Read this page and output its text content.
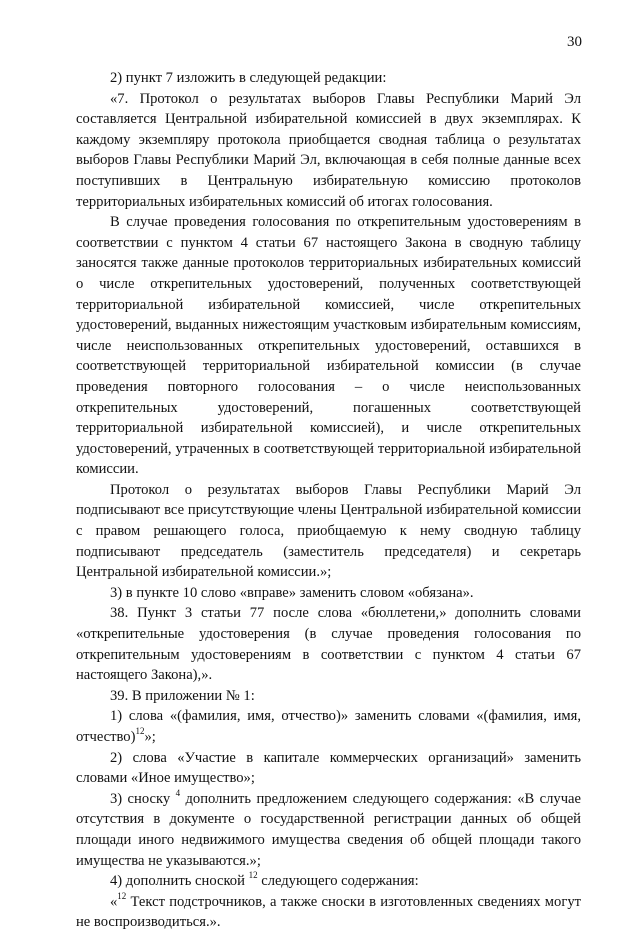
30

2) пункт 7 изложить в следующей редакции:

«7. Протокол о результатах выборов Главы Республики Марий Эл составляется Центральной избирательной комиссией в двух экземплярах. К каждому экземпляру протокола приобщается сводная таблица о результатах выборов Главы Республики Марий Эл, включающая в себя полные данные всех поступивших в Центральную избирательную комиссию протоколов территориальных избирательных комиссий об итогах голосования.

В случае проведения голосования по открепительным удостоверениям в соответствии с пунктом 4 статьи 67 настоящего Закона в сводную таблицу заносятся также данные протоколов территориальных избирательных комиссий о числе открепительных удостоверений, полученных соответствующей территориальной избирательной комиссией, числе открепительных удостоверений, выданных нижестоящим участковым избирательным комиссиям, числе неиспользованных открепительных удостоверений, оставшихся в соответствующей территориальной избирательной комиссии (в случае проведения повторного голосования – о числе неиспользованных открепительных удостоверений, погашенных соответствующей территориальной избирательной комиссией), и числе открепительных удостоверений, утраченных в соответствующей территориальной избирательной комиссии.

Протокол о результатах выборов Главы Республики Марий Эл подписывают все присутствующие члены Центральной избирательной комиссии с правом решающего голоса, приобщаемую к нему сводную таблицу подписывают председатель (заместитель председателя) и секретарь Центральной избирательной комиссии.»;

3) в пункте 10 слово «вправе» заменить словом «обязана».

38. Пункт 3 статьи 77 после слова «бюллетени,» дополнить словами «открепительные удостоверения (в случае проведения голосования по открепительным удостоверениям в соответствии с пунктом 4 статьи 67 настоящего Закона),».

39. В приложении № 1:

1) слова «(фамилия, имя, отчество)» заменить словами «(фамилия, имя, отчество)$^{12}$»;

2) слова «Участие в капитале коммерческих организаций» заменить словами «Иное имущество»;

3) сноску $^4$ дополнить предложением следующего содержания: «В случае отсутствия в документе о государственной регистрации данных об общей площади иного недвижимого имущества сведения об общей площади такого имущества не указываются.»;

4) дополнить сноской $^{12}$ следующего содержания:

«$^{12}$ Текст подстрочников, а также сноски в изготовленных сведениях могут не воспроизводиться.».
